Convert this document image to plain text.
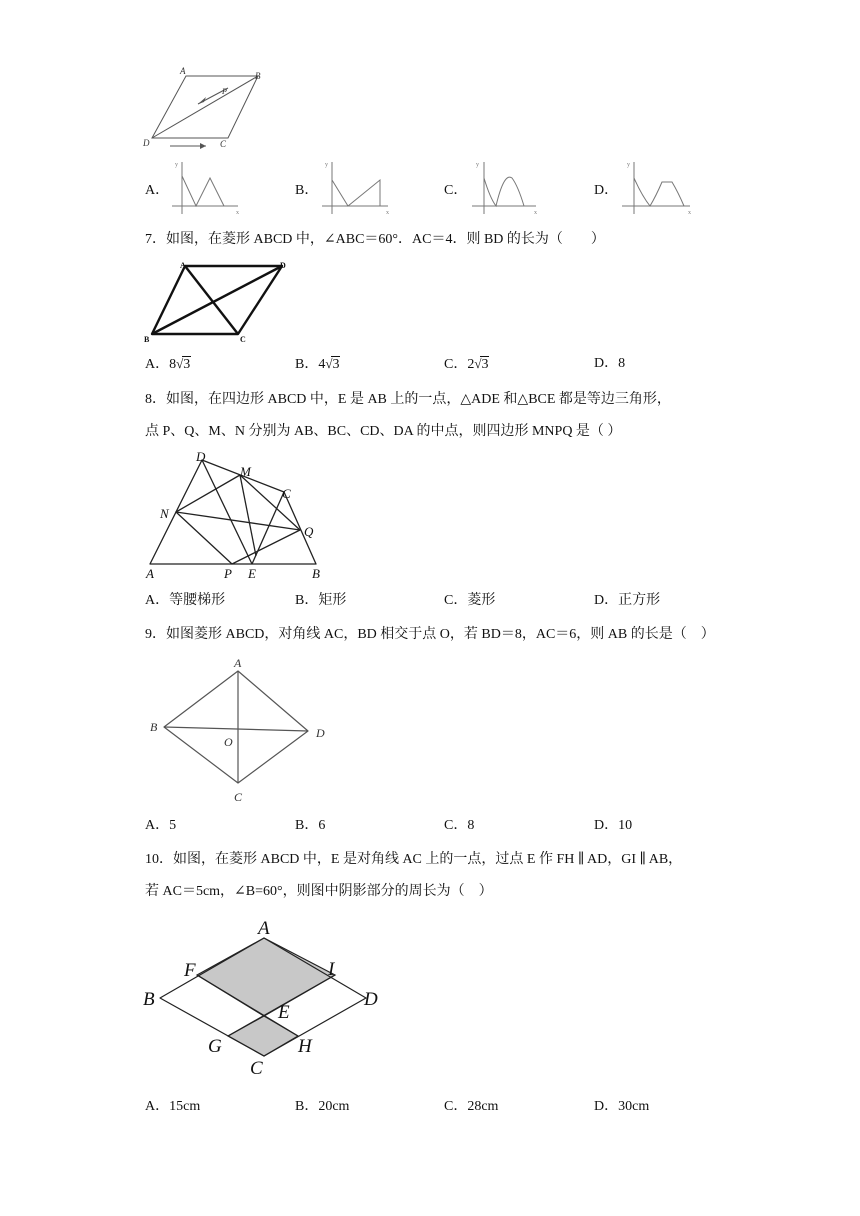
A	B
C
D
P
A．
y
x
B．
y
x
C．
y
x
D．
y
x
7．如图，在菱形 ABCD 中，∠ABC＝60°．AC＝4．则 BD 的长为（　　）
A	D
B	C
A．8√3	B．4√3	C．2√3	D．8
8．如图，在四边形 ABCD 中，E 是 AB 上的一点，△ADE 和△BCE 都是等边三角形，
点 P、Q、M、N 分别为 AB、BC、CD、DA 的中点，则四边形 MNPQ 是（ ）
A	B
C
D
E
M
N
P
Q
A．等腰梯形	B．矩形	C．菱形	D．正方形
9．如图菱形 ABCD，对角线 AC，BD 相交于点 O，若 BD＝8，AC＝6，则 AB 的长是（　）
A
B
C
D
O
A．5	B．6	C．8	D．10
10．如图，在菱形 ABCD 中，E 是对角线 AC 上的一点，过点 E 作 FH ∥ AD，GI ∥ AB，
若 AC＝5cm，∠B=60°，则图中阴影部分的周长为（　）
A
B
C
D
E
F
G	H
I
A．15cm	B．20cm	C．28cm	D．30cm
